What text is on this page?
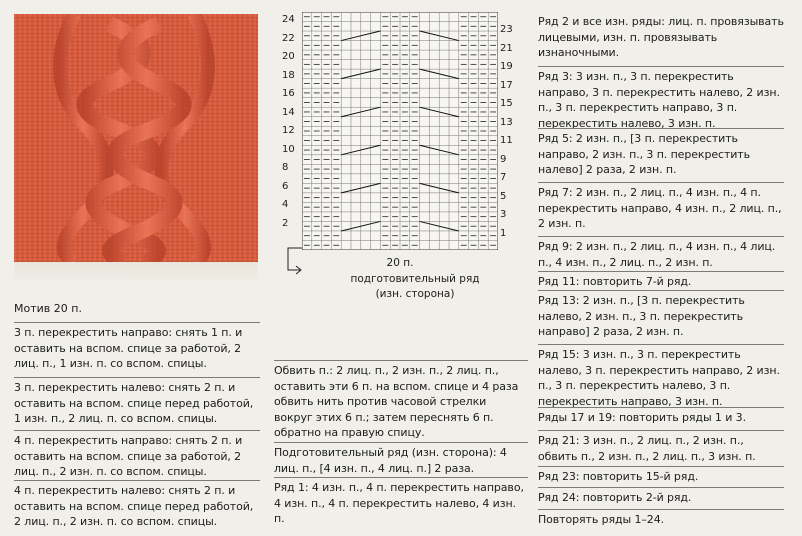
Мотив 20 п.
3 п. перекрестить направо: снять 1 п. и оставить на вспом. спице за работой, 2 лиц. п., 1 изн. п. со вспом. спицы.
3 п. перекрестить налево: снять 2 п. и оставить на вспом. спице перед работой, 1 изн. п., 2 лиц. п. со вспом. спицы.
4 п. перекрестить направо: снять 2 п. и оставить на вспом. спице за работой, 2 лиц. п., 2 изн. п. со вспом. спицы.
4 п. перекрестить налево: снять 2 п. и оставить на вспом. спице перед работой, 2 лиц. п., 2 изн. п. со вспом. спицы.
24
22
20
18
16
14
12
10
8
6
4
2
23
21
19
17
15
13
11
9
7
5
3
1
20 п.
подготовительный ряд
(изн. сторона)
Обвить п.: 2 лиц. п., 2 изн. п., 2 лиц. п., оставить эти 6 п. на вспом. спице и 4 раза обвить нить против часовой стрелки вокруг этих 6 п.; затем переснять 6 п. обратно на правую спицу.
Подготовительный ряд (изн. сторона): 4 лиц. п., [4 изн. п., 4 лиц. п.] 2 раза.
Ряд 1: 4 изн. п., 4 п. перекрестить направо, 4 изн. п., 4 п. перекрестить налево, 4 изн. п.
Ряд 2 и все изн. ряды: лиц. п. провязывать лицевыми, изн. п. провязывать изнаночными.
Ряд 3: 3 изн. п., 3 п. перекрестить направо, 3 п. перекрестить налево, 2 изн. п., 3 п. перекрестить направо, 3 п. перекрестить налево, 3 изн. п.
Ряд 5: 2 изн. п., [3 п. перекрестить направо, 2 изн. п., 3 п. перекрестить налево] 2 раза, 2 изн. п.
Ряд 7: 2 изн. п., 2 лиц. п., 4 изн. п., 4 п. перекрестить направо, 4 изн. п., 2 лиц. п., 2 изн. п.
Ряд 9: 2 изн. п., 2 лиц. п., 4 изн. п., 4 лиц. п., 4 изн. п., 2 лиц. п., 2 изн. п.
Ряд 11: повторить 7-й ряд.
Ряд 13: 2 изн. п., [3 п. перекрестить налево, 2 изн. п., 3 п. перекрестить направо] 2 раза, 2 изн. п.
Ряд 15: 3 изн. п., 3 п. перекрестить налево, 3 п. перекрестить направо, 2 изн. п., 3 п. перекрестить налево, 3 п. перекрестить направо, 3 изн. п.
Ряды 17 и 19: повторить ряды 1 и 3.
Ряд 21: 3 изн. п., 2 лиц. п., 2 изн. п., обвить п., 2 изн. п., 2 лиц. п., 3 изн. п.
Ряд 23: повторить 15-й ряд.
Ряд 24: повторить 2-й ряд.
Повторять ряды 1–24.
